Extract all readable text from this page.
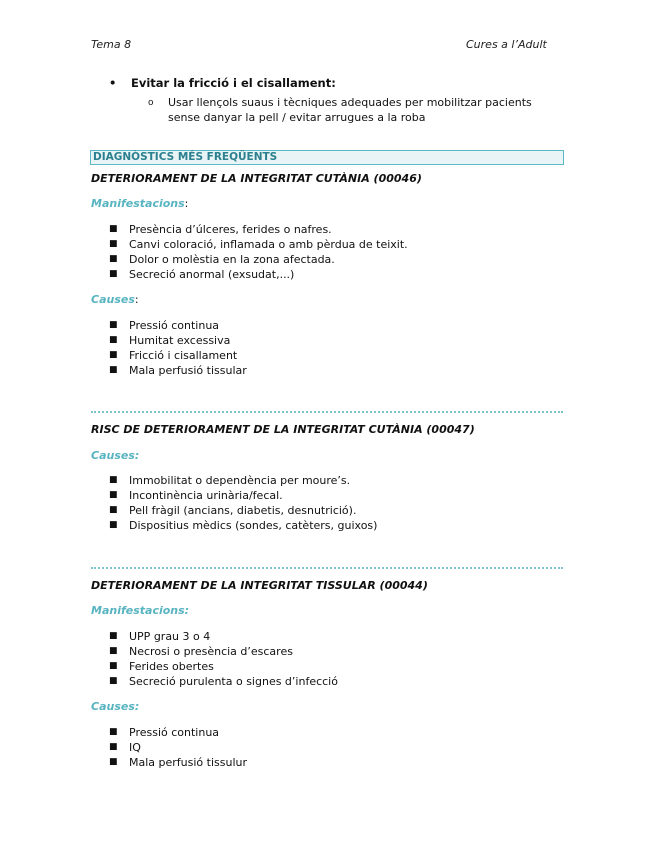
Tema 8	Cures a l’Adult
• Evitar la fricció i el cisallament:
o Usar llençols suaus i tècniques adequades per mobilitzar pacients sense danyar la pell / evitar arrugues a la roba
DIAGNÒSTICS MÉS FREQÜENTS
DETERIORAMENT DE LA INTEGRITAT CUTÀNIA (00046)
Manifestacions:
■ Presència d’úlceres, ferides o nafres.
■ Canvi coloració, inflamada o amb pèrdua de teixit.
■ Dolor o molèstia en la zona afectada.
■ Secreció anormal (exsudat,...)
Causes:
■ Pressió continua
■ Humitat excessiva
■ Fricció i cisallament
■ Mala perfusió tissular
RISC DE DETERIORAMENT DE LA INTEGRITAT CUTÀNIA (00047)
Causes:
■ Immobilitat o dependència per moure’s.
■ Incontinència urinària/fecal.
■ Pell fràgil (ancians, diabetis, desnutrició).
■ Dispositius mèdics (sondes, catèters, guixos)
DETERIORAMENT DE LA INTEGRITAT TISSULAR (00044)
Manifestacions:
■ UPP grau 3 o 4
■ Necrosi o presència d’escares
■ Ferides obertes
■ Secreció purulenta o signes d’infecció
Causes:
■ Pressió continua
■ IQ
■ Mala perfusió tissulur
